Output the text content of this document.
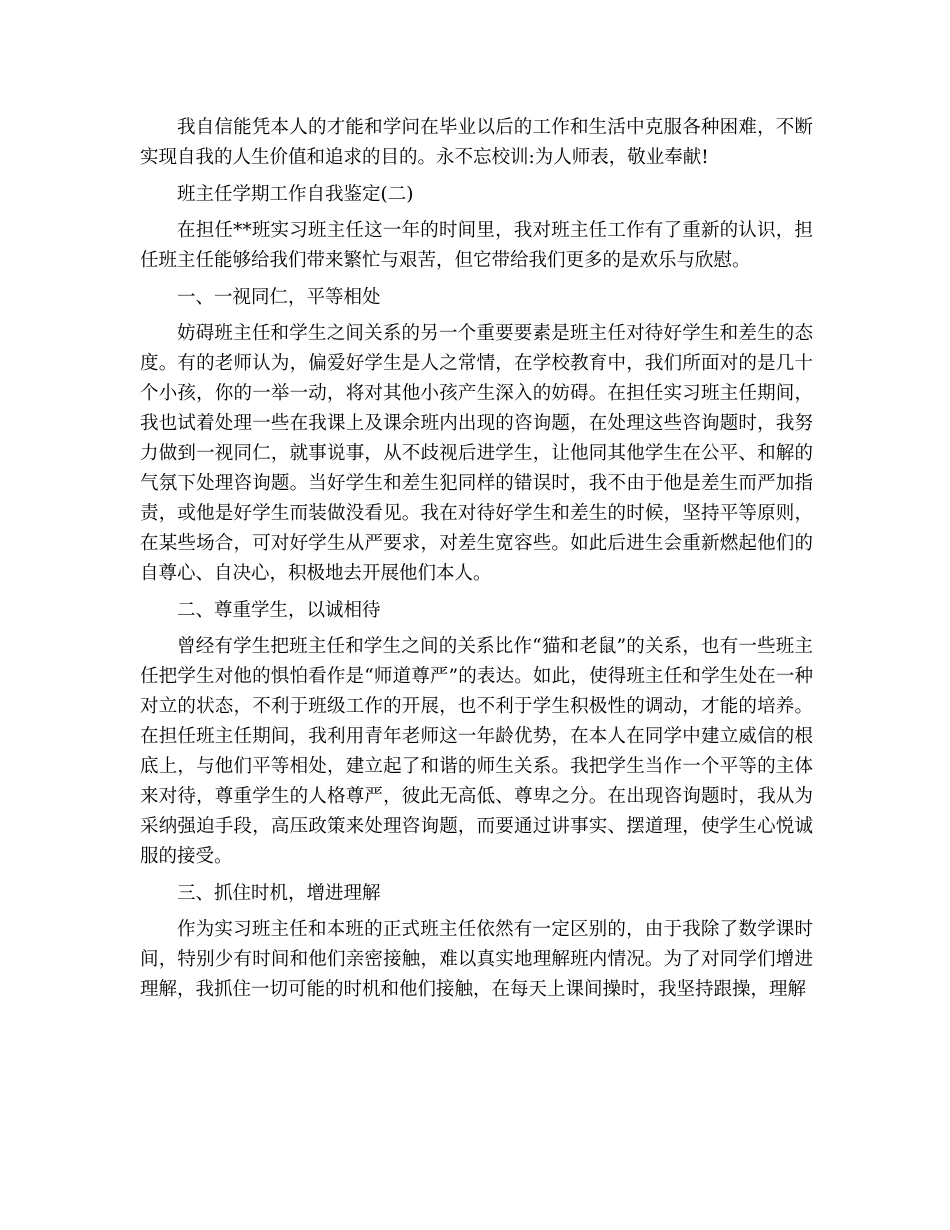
我自信能凭本人的才能和学问在毕业以后的工作和生活中克服各种困难，不断实现自我的人生价值和追求的目的。永不忘校训:为人师表，敬业奉献!

班主任学期工作自我鉴定(二)

在担任**班实习班主任这一年的时间里，我对班主任工作有了重新的认识，担任班主任能够给我们带来繁忙与艰苦，但它带给我们更多的是欢乐与欣慰。

一、一视同仁，平等相处

妨碍班主任和学生之间关系的另一个重要要素是班主任对待好学生和差生的态度。有的老师认为，偏爱好学生是人之常情，在学校教育中，我们所面对的是几十个小孩，你的一举一动，将对其他小孩产生深入的妨碍。在担任实习班主任期间，我也试着处理一些在我课上及课余班内出现的咨询题，在处理这些咨询题时，我努力做到一视同仁，就事说事，从不歧视后进学生，让他同其他学生在公平、和解的气氛下处理咨询题。当好学生和差生犯同样的错误时，我不由于他是差生而严加指责，或他是好学生而装做没看见。我在对待好学生和差生的时候，坚持平等原则，在某些场合，可对好学生从严要求，对差生宽容些。如此后进生会重新燃起他们的自尊心、自决心，积极地去开展他们本人。

二、尊重学生，以诚相待

曾经有学生把班主任和学生之间的关系比作“猫和老鼠”的关系，也有一些班主任把学生对他的惧怕看作是“师道尊严”的表达。如此，使得班主任和学生处在一种对立的状态，不利于班级工作的开展，也不利于学生积极性的调动，才能的培养。在担任班主任期间，我利用青年老师这一年龄优势，在本人在同学中建立威信的根底上，与他们平等相处，建立起了和谐的师生关系。我把学生当作一个平等的主体来对待，尊重学生的人格尊严，彼此无高低、尊卑之分。在出现咨询题时，我从为采纳强迫手段，高压政策来处理咨询题，而要通过讲事实、摆道理，使学生心悦诚服的接受。

三、抓住时机，增进理解

作为实习班主任和本班的正式班主任依然有一定区别的，由于我除了数学课时间，特别少有时间和他们亲密接触，难以真实地理解班内情况。为了对同学们增进理解，我抓住一切可能的时机和他们接触，在每天上课间操时，我坚持跟操，理解
